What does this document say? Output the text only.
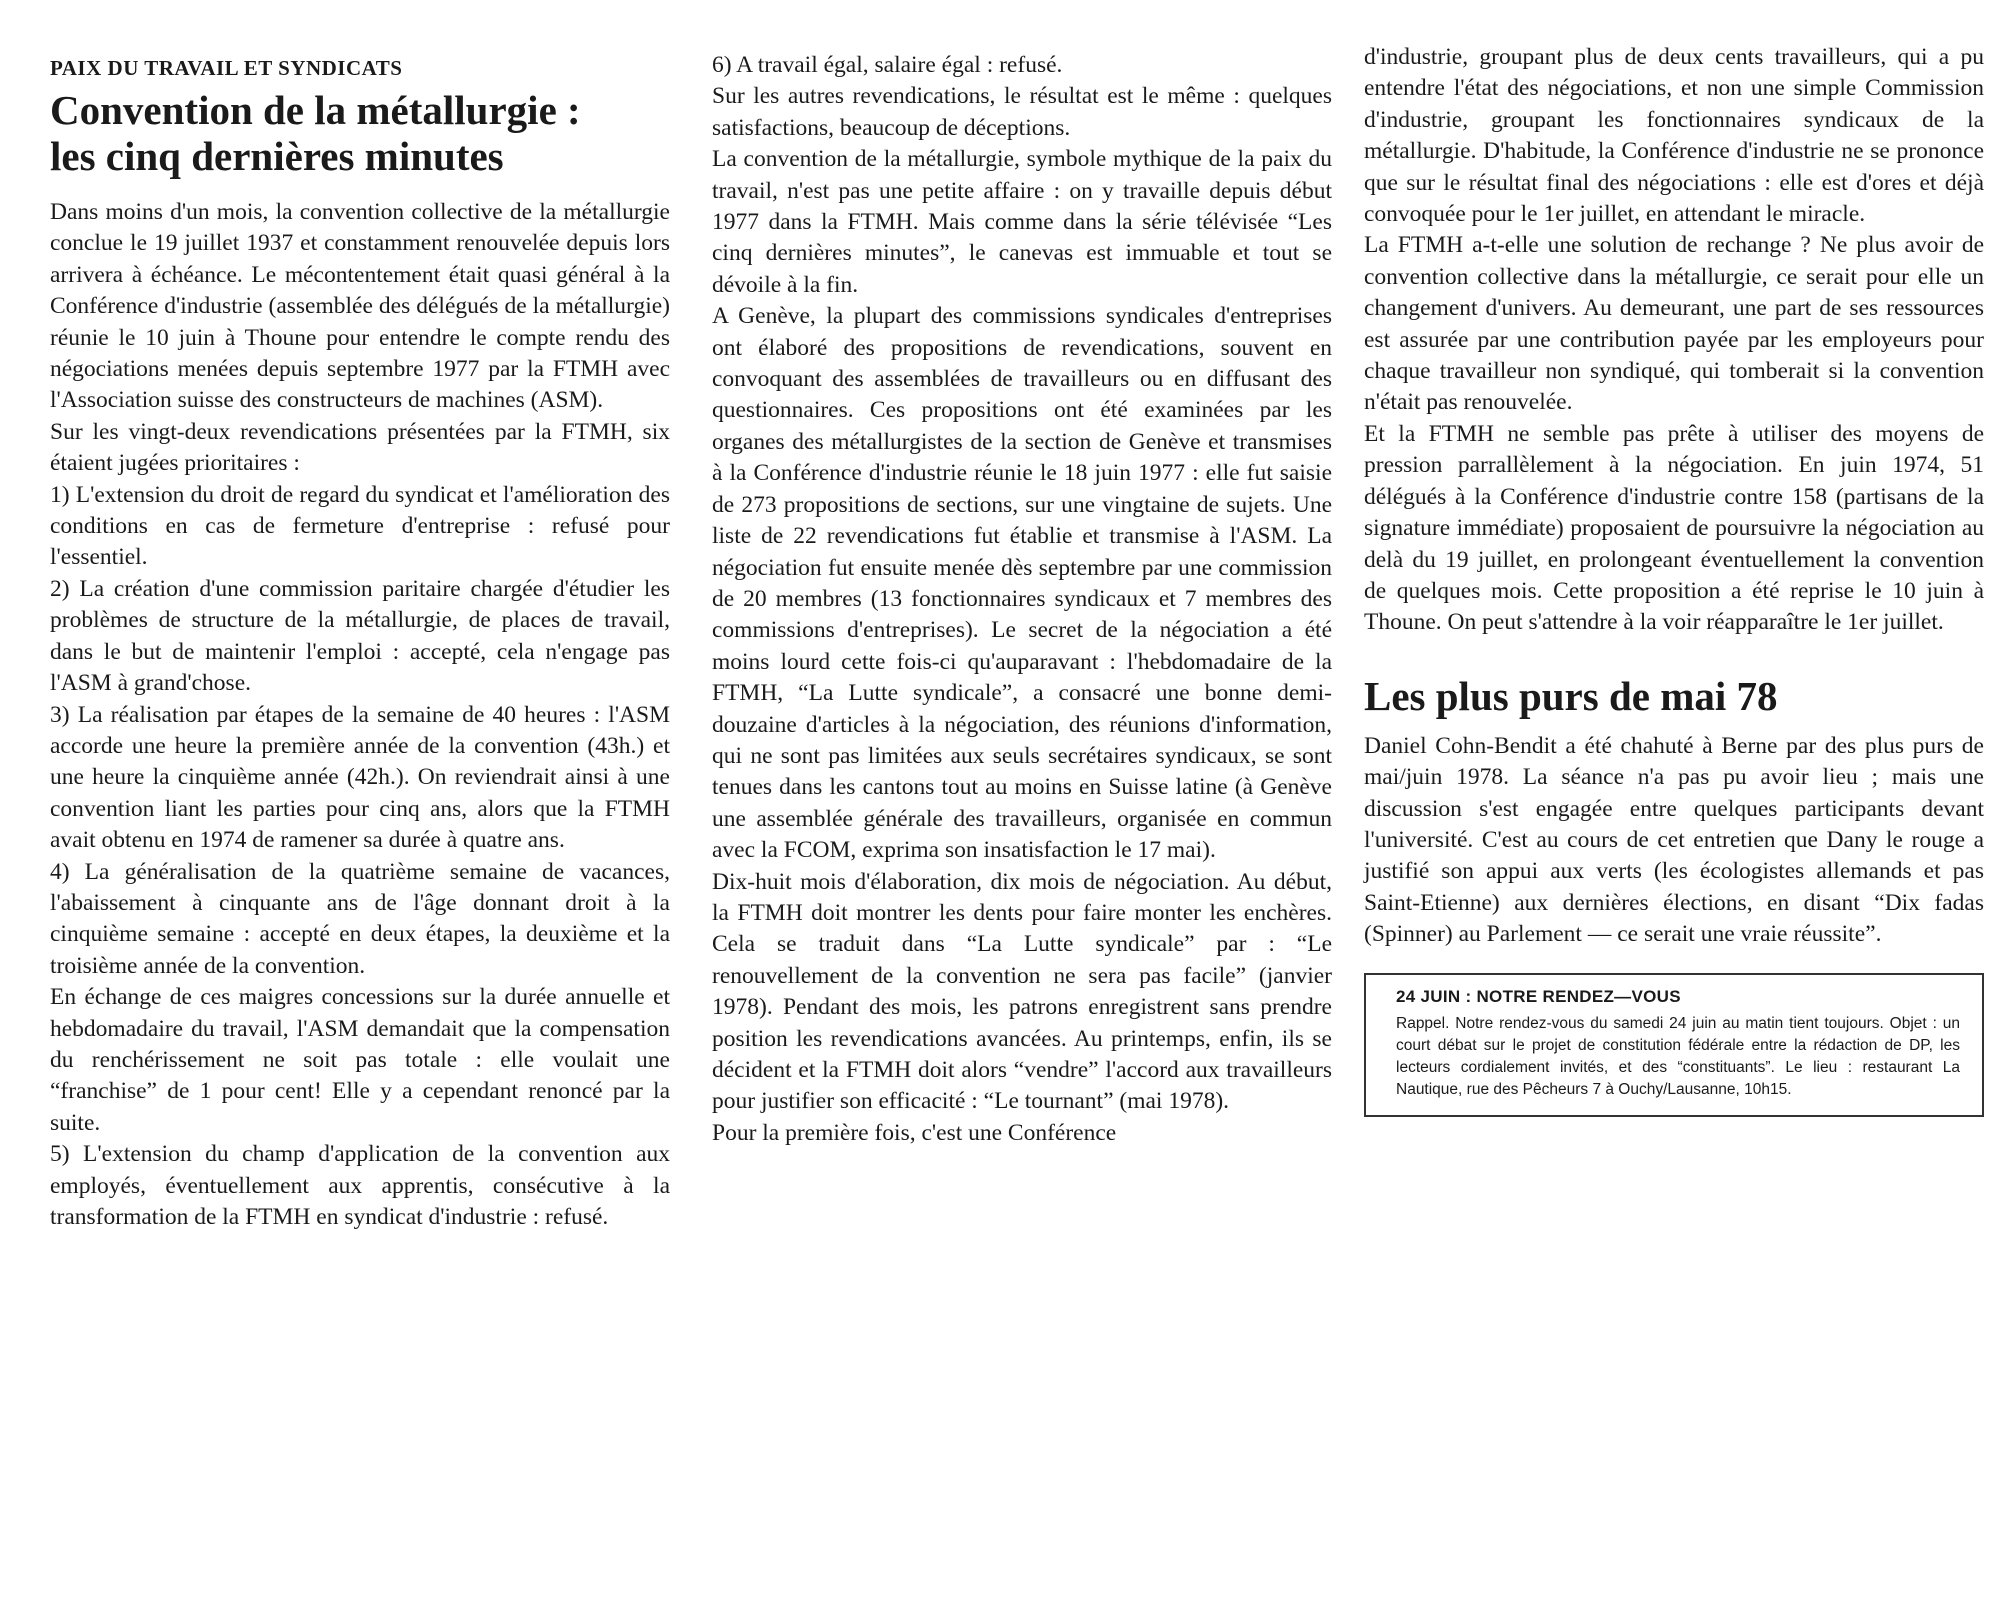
PAIX DU TRAVAIL ET SYNDICATS
Convention de la métallurgie :
les cinq dernières minutes

Dans moins d'un mois, la convention collective de la métallurgie conclue le 19 juillet 1937 et constamment renouvelée depuis lors arrivera à échéance. Le mécontentement était quasi général à la Conférence d'industrie (assemblée des délégués de la métallurgie) réunie le 10 juin à Thoune pour entendre le compte rendu des négociations menées depuis septembre 1977 par la FTMH avec l'Association suisse des constructeurs de machines (ASM).

Sur les vingt-deux revendications présentées par la FTMH, six étaient jugées prioritaires :

1) L'extension du droit de regard du syndicat et l'amélioration des conditions en cas de fermeture d'entreprise : refusé pour l'essentiel.

2) La création d'une commission paritaire chargée d'étudier les problèmes de structure de la métallurgie, de places de travail, dans le but de maintenir l'emploi : accepté, cela n'engage pas l'ASM à grand'chose.

3) La réalisation par étapes de la semaine de 40 heures : l'ASM accorde une heure la première année de la convention (43h.) et une heure la cinquième année (42h.). On reviendrait ainsi à une convention liant les parties pour cinq ans, alors que la FTMH avait obtenu en 1974 de ramener sa durée à quatre ans.

4) La généralisation de la quatrième semaine de vacances, l'abaissement à cinquante ans de l'âge donnant droit à la cinquième semaine : accepté en deux étapes, la deuxième et la troisième année de la convention.

En échange de ces maigres concessions sur la durée annuelle et hebdomadaire du travail, l'ASM demandait que la compensation du renchérissement ne soit pas totale : elle voulait une “franchise” de 1 pour cent! Elle y a cependant renoncé par la suite.

5) L'extension du champ d'application de la convention aux employés, éventuellement aux apprentis, consécutive à la transformation de la FTMH en syndicat d'industrie : refusé.

6) A travail égal, salaire égal : refusé.

Sur les autres revendications, le résultat est le même : quelques satisfactions, beaucoup de déceptions.

La convention de la métallurgie, symbole mythique de la paix du travail, n'est pas une petite affaire : on y travaille depuis début 1977 dans la FTMH. Mais comme dans la série télévisée “Les cinq dernières minutes”, le canevas est immuable et tout se dévoile à la fin.

A Genève, la plupart des commissions syndicales d'entreprises ont élaboré des propositions de revendications, souvent en convoquant des assemblées de travailleurs ou en diffusant des questionnaires. Ces propositions ont été examinées par les organes des métallurgistes de la section de Genève et transmises à la Conférence d'industrie réunie le 18 juin 1977 : elle fut saisie de 273 propositions de sections, sur une vingtaine de sujets. Une liste de 22 revendications fut établie et transmise à l'ASM. La négociation fut ensuite menée dès septembre par une commission de 20 membres (13 fonctionnaires syndicaux et 7 membres des commissions d'entreprises). Le secret de la négociation a été moins lourd cette fois-ci qu'auparavant : l'hebdomadaire de la FTMH, “La Lutte syndicale”, a consacré une bonne demi-douzaine d'articles à la négociation, des réunions d'information, qui ne sont pas limitées aux seuls secrétaires syndicaux, se sont tenues dans les cantons tout au moins en Suisse latine (à Genève une assemblée générale des travailleurs, organisée en commun avec la FCOM, exprima son insatisfaction le 17 mai).

Dix-huit mois d'élaboration, dix mois de négociation. Au début, la FTMH doit montrer les dents pour faire monter les enchères. Cela se traduit dans “La Lutte syndicale” par : “Le renouvellement de la convention ne sera pas facile” (janvier 1978). Pendant des mois, les patrons enregistrent sans prendre position les revendications avancées. Au printemps, enfin, ils se décident et la FTMH doit alors “vendre” l'accord aux travailleurs pour justifier son efficacité : “Le tournant” (mai 1978).

Pour la première fois, c'est une Conférence

d'industrie, groupant plus de deux cents travailleurs, qui a pu entendre l'état des négociations, et non une simple Commission d'industrie, groupant les fonctionnaires syndicaux de la métallurgie. D'habitude, la Conférence d'industrie ne se prononce que sur le résultat final des négociations : elle est d'ores et déjà convoquée pour le 1er juillet, en attendant le miracle.

La FTMH a-t-elle une solution de rechange ? Ne plus avoir de convention collective dans la métallurgie, ce serait pour elle un changement d'univers. Au demeurant, une part de ses ressources est assurée par une contribution payée par les employeurs pour chaque travailleur non syndiqué, qui tomberait si la convention n'était pas renouvelée.

Et la FTMH ne semble pas prête à utiliser des moyens de pression parrallèlement à la négociation. En juin 1974, 51 délégués à la Conférence d'industrie contre 158 (partisans de la signature immédiate) proposaient de poursuivre la négociation au delà du 19 juillet, en prolongeant éventuellement la convention de quelques mois. Cette proposition a été reprise le 10 juin à Thoune. On peut s'attendre à la voir réapparaître le 1er juillet.

Les plus purs de mai 78

Daniel Cohn-Bendit a été chahuté à Berne par des plus purs de mai/juin 1978. La séance n'a pas pu avoir lieu ; mais une discussion s'est engagée entre quelques participants devant l'université. C'est au cours de cet entretien que Dany le rouge a justifié son appui aux verts (les écologistes allemands et pas Saint-Etienne) aux dernières élections, en disant “Dix fadas (Spinner) au Parlement — ce serait une vraie réussite”.

24 JUIN : NOTRE RENDEZ—VOUS

Rappel. Notre rendez-vous du samedi 24 juin au matin tient toujours. Objet : un court débat sur le projet de constitution fédérale entre la rédaction de DP, les lecteurs cordialement invités, et des “constituants”. Le lieu : restaurant La Nautique, rue des Pêcheurs 7 à Ouchy/Lausanne, 10h15.
